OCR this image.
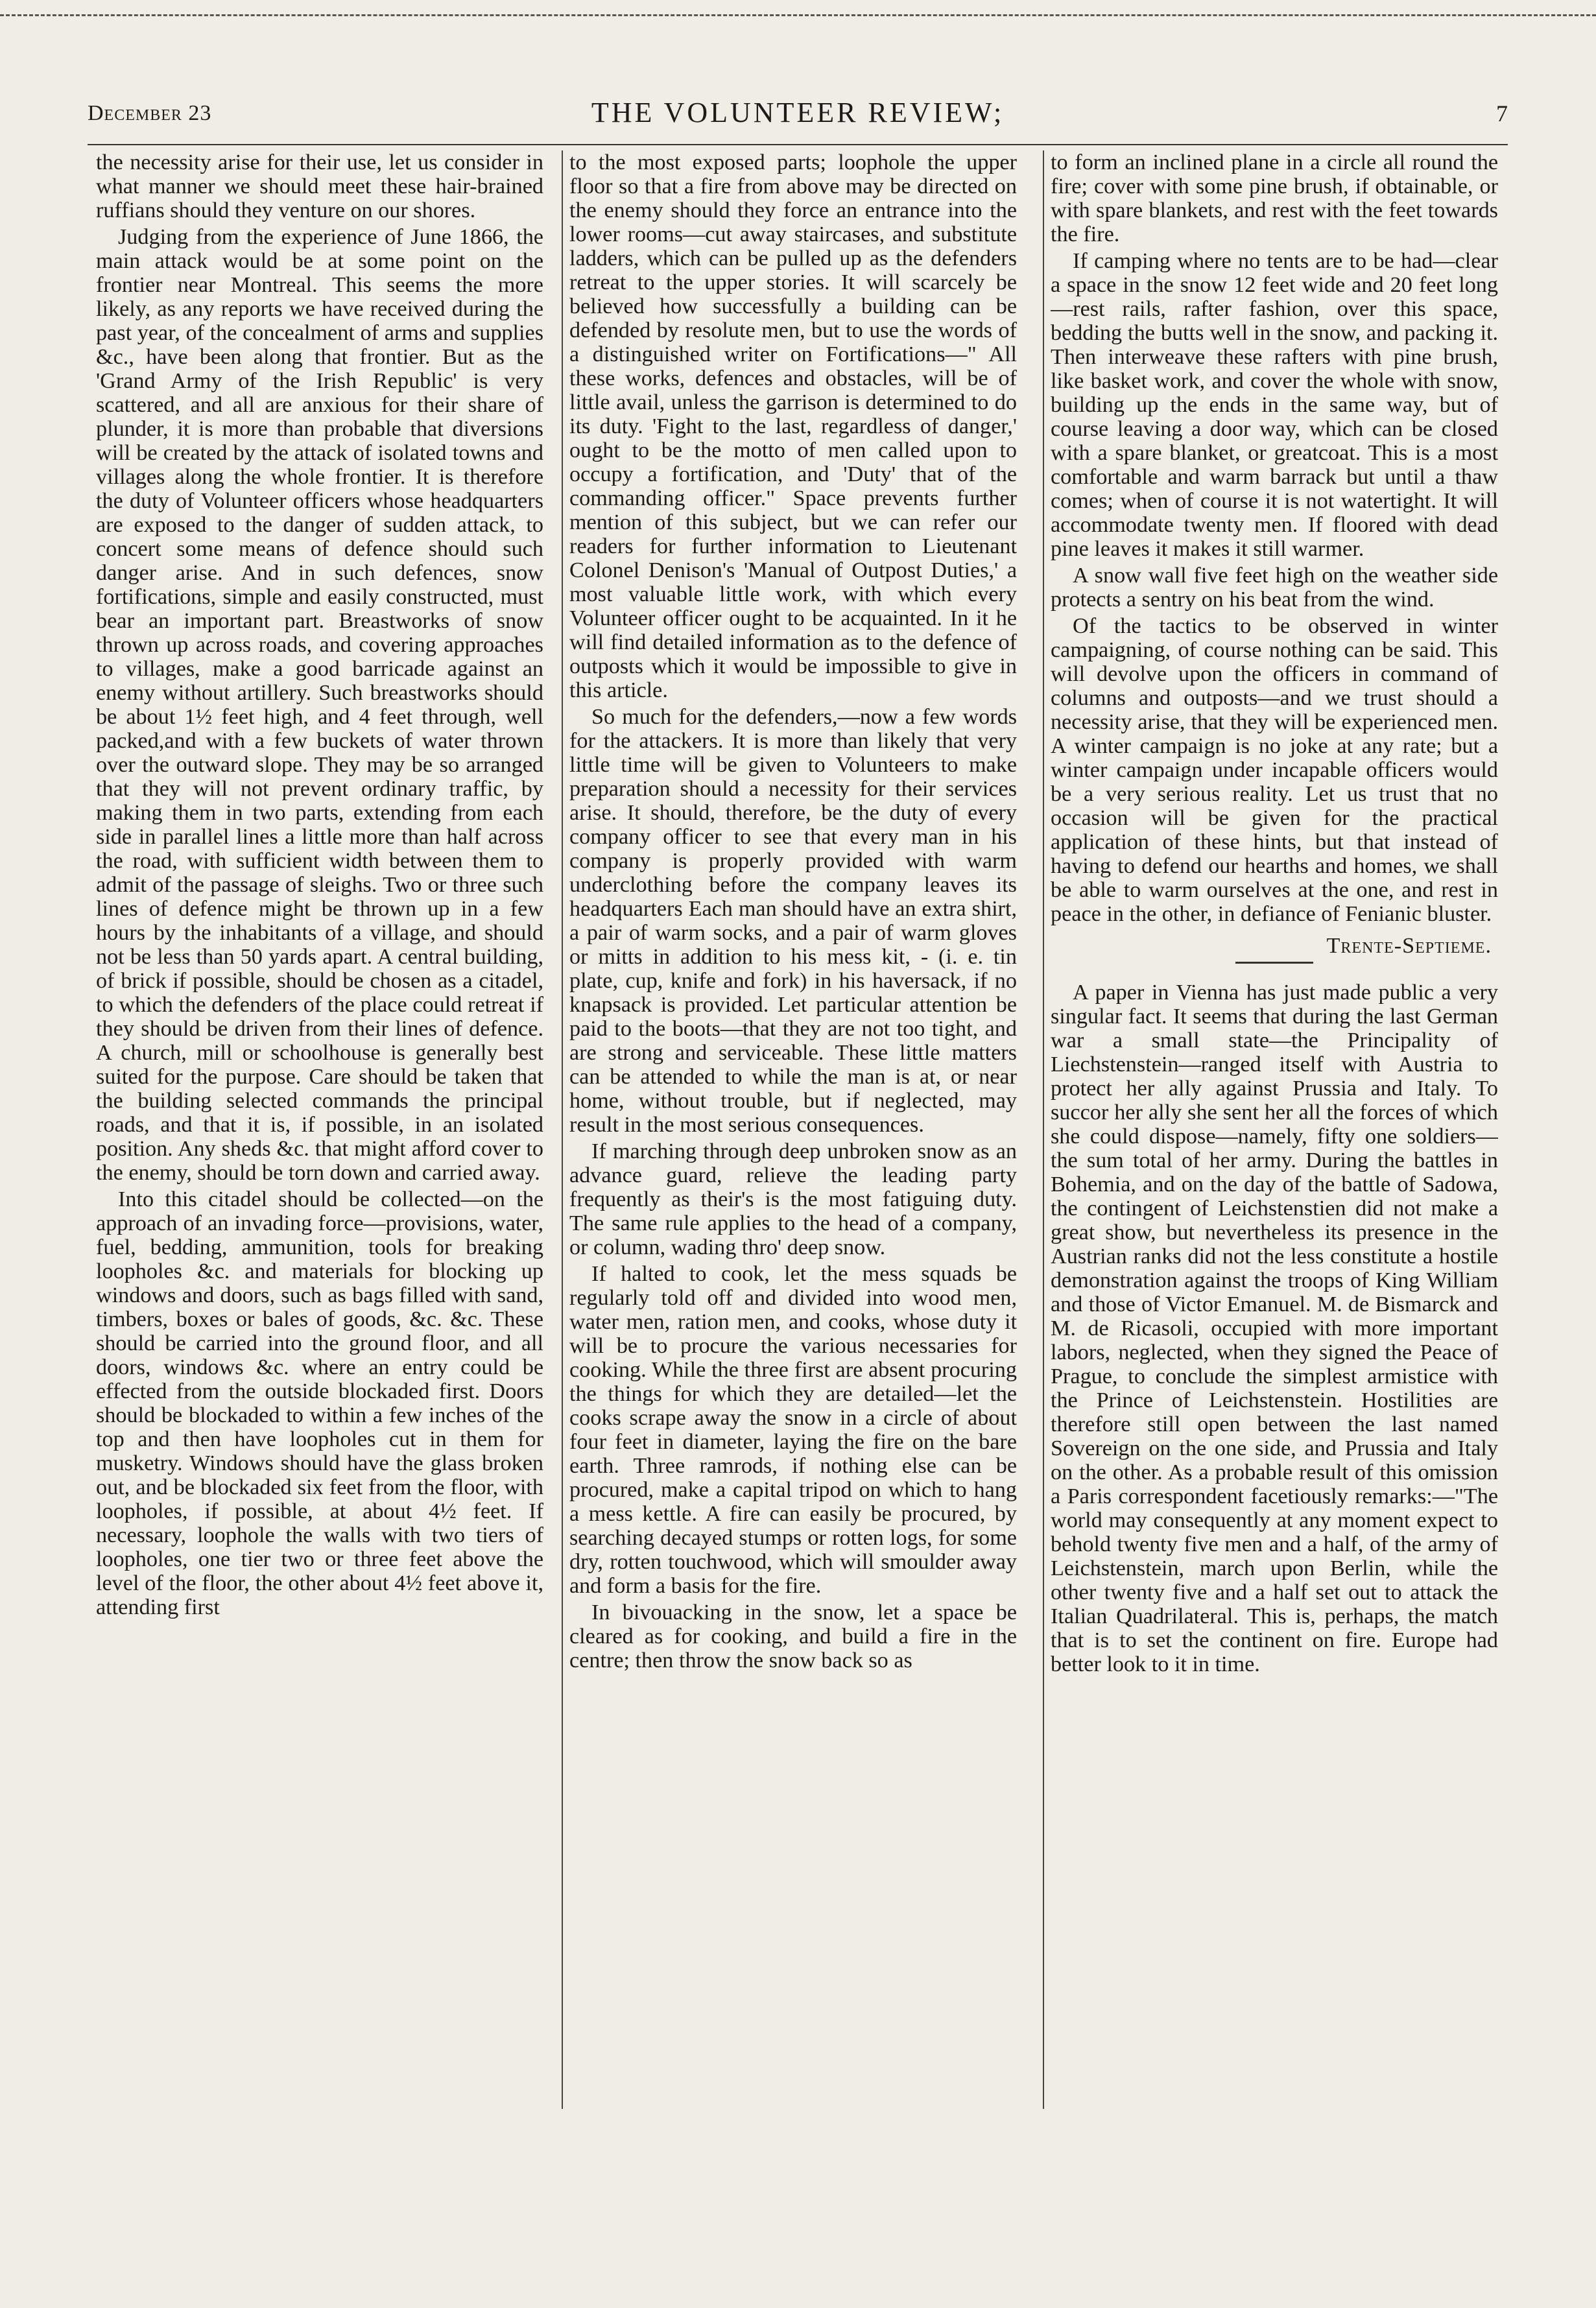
December 23	THE VOLUNTEER REVIEW;	7

the necessity arise for their use, let us consider in what manner we should meet these hair-brained ruffians should they venture on our shores.

Judging from the experience of June 1866, the main attack would be at some point on the frontier near Montreal. This seems the more likely, as any reports we have received during the past year, of the concealment of arms and supplies &c., have been along that frontier. But as the 'Grand Army of the Irish Republic' is very scattered, and all are anxious for their share of plunder, it is more than probable that diversions will be created by the attack of isolated towns and villages along the whole frontier. It is therefore the duty of Volunteer officers whose headquarters are exposed to the danger of sudden attack, to concert some means of defence should such danger arise. And in such defences, snow fortifications, simple and easily constructed, must bear an important part. Breastworks of snow thrown up across roads, and covering approaches to villages, make a good barricade against an enemy without artillery. Such breastworks should be about 1½ feet high, and 4 feet through, well packed,and with a few buckets of water thrown over the outward slope. They may be so arranged that they will not prevent ordinary traffic, by making them in two parts, extending from each side in parallel lines a little more than half across the road, with sufficient width between them to admit of the passage of sleighs. Two or three such lines of defence might be thrown up in a few hours by the inhabitants of a village, and should not be less than 50 yards apart. A central building, of brick if possible, should be chosen as a citadel, to which the defenders of the place could retreat if they should be driven from their lines of defence. A church, mill or schoolhouse is generally best suited for the purpose. Care should be taken that the building selected commands the principal roads, and that it is, if possible, in an isolated position. Any sheds &c. that might afford cover to the enemy, should be torn down and carried away.

Into this citadel should be collected—on the approach of an invading force—provisions, water, fuel, bedding, ammunition, tools for breaking loopholes &c. and materials for blocking up windows and doors, such as bags filled with sand, timbers, boxes or bales of goods, &c. &c. These should be carried into the ground floor, and all doors, windows &c. where an entry could be effected from the outside blockaded first. Doors should be blockaded to within a few inches of the top and then have loopholes cut in them for musketry. Windows should have the glass broken out, and be blockaded six feet from the floor, with loopholes, if possible, at about 4½ feet. If necessary, loophole the walls with two tiers of loopholes, one tier two or three feet above the level of the floor, the other about 4½ feet above it, attending first

to the most exposed parts; loophole the upper floor so that a fire from above may be directed on the enemy should they force an entrance into the lower rooms—cut away staircases, and substitute ladders, which can be pulled up as the defenders retreat to the upper stories. It will scarcely be believed how successfully a building can be defended by resolute men, but to use the words of a distinguished writer on Fortifications—" All these works, defences and obstacles, will be of little avail, unless the garrison is determined to do its duty. 'Fight to the last, regardless of danger,' ought to be the motto of men called upon to occupy a fortification, and 'Duty' that of the commanding officer." Space prevents further mention of this subject, but we can refer our readers for further information to Lieutenant Colonel Denison's 'Manual of Outpost Duties,' a most valuable little work, with which every Volunteer officer ought to be acquainted. In it he will find detailed information as to the defence of outposts which it would be impossible to give in this article.

So much for the defenders,—now a few words for the attackers. It is more than likely that very little time will be given to Volunteers to make preparation should a necessity for their services arise. It should, therefore, be the duty of every company officer to see that every man in his company is properly provided with warm underclothing before the company leaves its headquarters Each man should have an extra shirt, a pair of warm socks, and a pair of warm gloves or mitts in addition to his mess kit, - (i. e. tin plate, cup, knife and fork) in his haversack, if no knapsack is provided. Let particular attention be paid to the boots—that they are not too tight, and are strong and serviceable. These little matters can be attended to while the man is at, or near home, without trouble, but if neglected, may result in the most serious consequences.

If marching through deep unbroken snow as an advance guard, relieve the leading party frequently as their's is the most fatiguing duty. The same rule applies to the head of a company, or column, wading thro' deep snow.

If halted to cook, let the mess squads be regularly told off and divided into wood men, water men, ration men, and cooks, whose duty it will be to procure the various necessaries for cooking. While the three first are absent procuring the things for which they are detailed—let the cooks scrape away the snow in a circle of about four feet in diameter, laying the fire on the bare earth. Three ramrods, if nothing else can be procured, make a capital tripod on which to hang a mess kettle. A fire can easily be procured, by searching decayed stumps or rotten logs, for some dry, rotten touchwood, which will smoulder away and form a basis for the fire.

In bivouacking in the snow, let a space be cleared as for cooking, and build a fire in the centre; then throw the snow back so as

to form an inclined plane in a circle all round the fire; cover with some pine brush, if obtainable, or with spare blankets, and rest with the feet towards the fire.

If camping where no tents are to be had—clear a space in the snow 12 feet wide and 20 feet long—rest rails, rafter fashion, over this space, bedding the butts well in the snow, and packing it. Then interweave these rafters with pine brush, like basket work, and cover the whole with snow, building up the ends in the same way, but of course leaving a door way, which can be closed with a spare blanket, or greatcoat. This is a most comfortable and warm barrack but until a thaw comes; when of course it is not watertight. It will accommodate twenty men. If floored with dead pine leaves it makes it still warmer.

A snow wall five feet high on the weather side protects a sentry on his beat from the wind.

Of the tactics to be observed in winter campaigning, of course nothing can be said. This will devolve upon the officers in command of columns and outposts—and we trust should a necessity arise, that they will be experienced men. A winter campaign is no joke at any rate; but a winter campaign under incapable officers would be a very serious reality. Let us trust that no occasion will be given for the practical application of these hints, but that instead of having to defend our hearths and homes, we shall be able to warm ourselves at the one, and rest in peace in the other, in defiance of Fenianic bluster.

Trente-Septieme.

A paper in Vienna has just made public a very singular fact. It seems that during the last German war a small state—the Principality of Liechstenstein—ranged itself with Austria to protect her ally against Prussia and Italy. To succor her ally she sent her all the forces of which she could dispose—namely, fifty one soldiers—the sum total of her army. During the battles in Bohemia, and on the day of the battle of Sadowa, the contingent of Leichstenstien did not make a great show, but nevertheless its presence in the Austrian ranks did not the less constitute a hostile demonstration against the troops of King William and those of Victor Emanuel. M. de Bismarck and M. de Ricasoli, occupied with more important labors, neglected, when they signed the Peace of Prague, to conclude the simplest armistice with the Prince of Leichstenstein. Hostilities are therefore still open between the last named Sovereign on the one side, and Prussia and Italy on the other. As a probable result of this omission a Paris correspondent facetiously remarks:—"The world may consequently at any moment expect to behold twenty five men and a half, of the army of Leichstenstein, march upon Berlin, while the other twenty five and a half set out to attack the Italian Quadrilateral. This is, perhaps, the match that is to set the continent on fire. Europe had better look to it in time.
